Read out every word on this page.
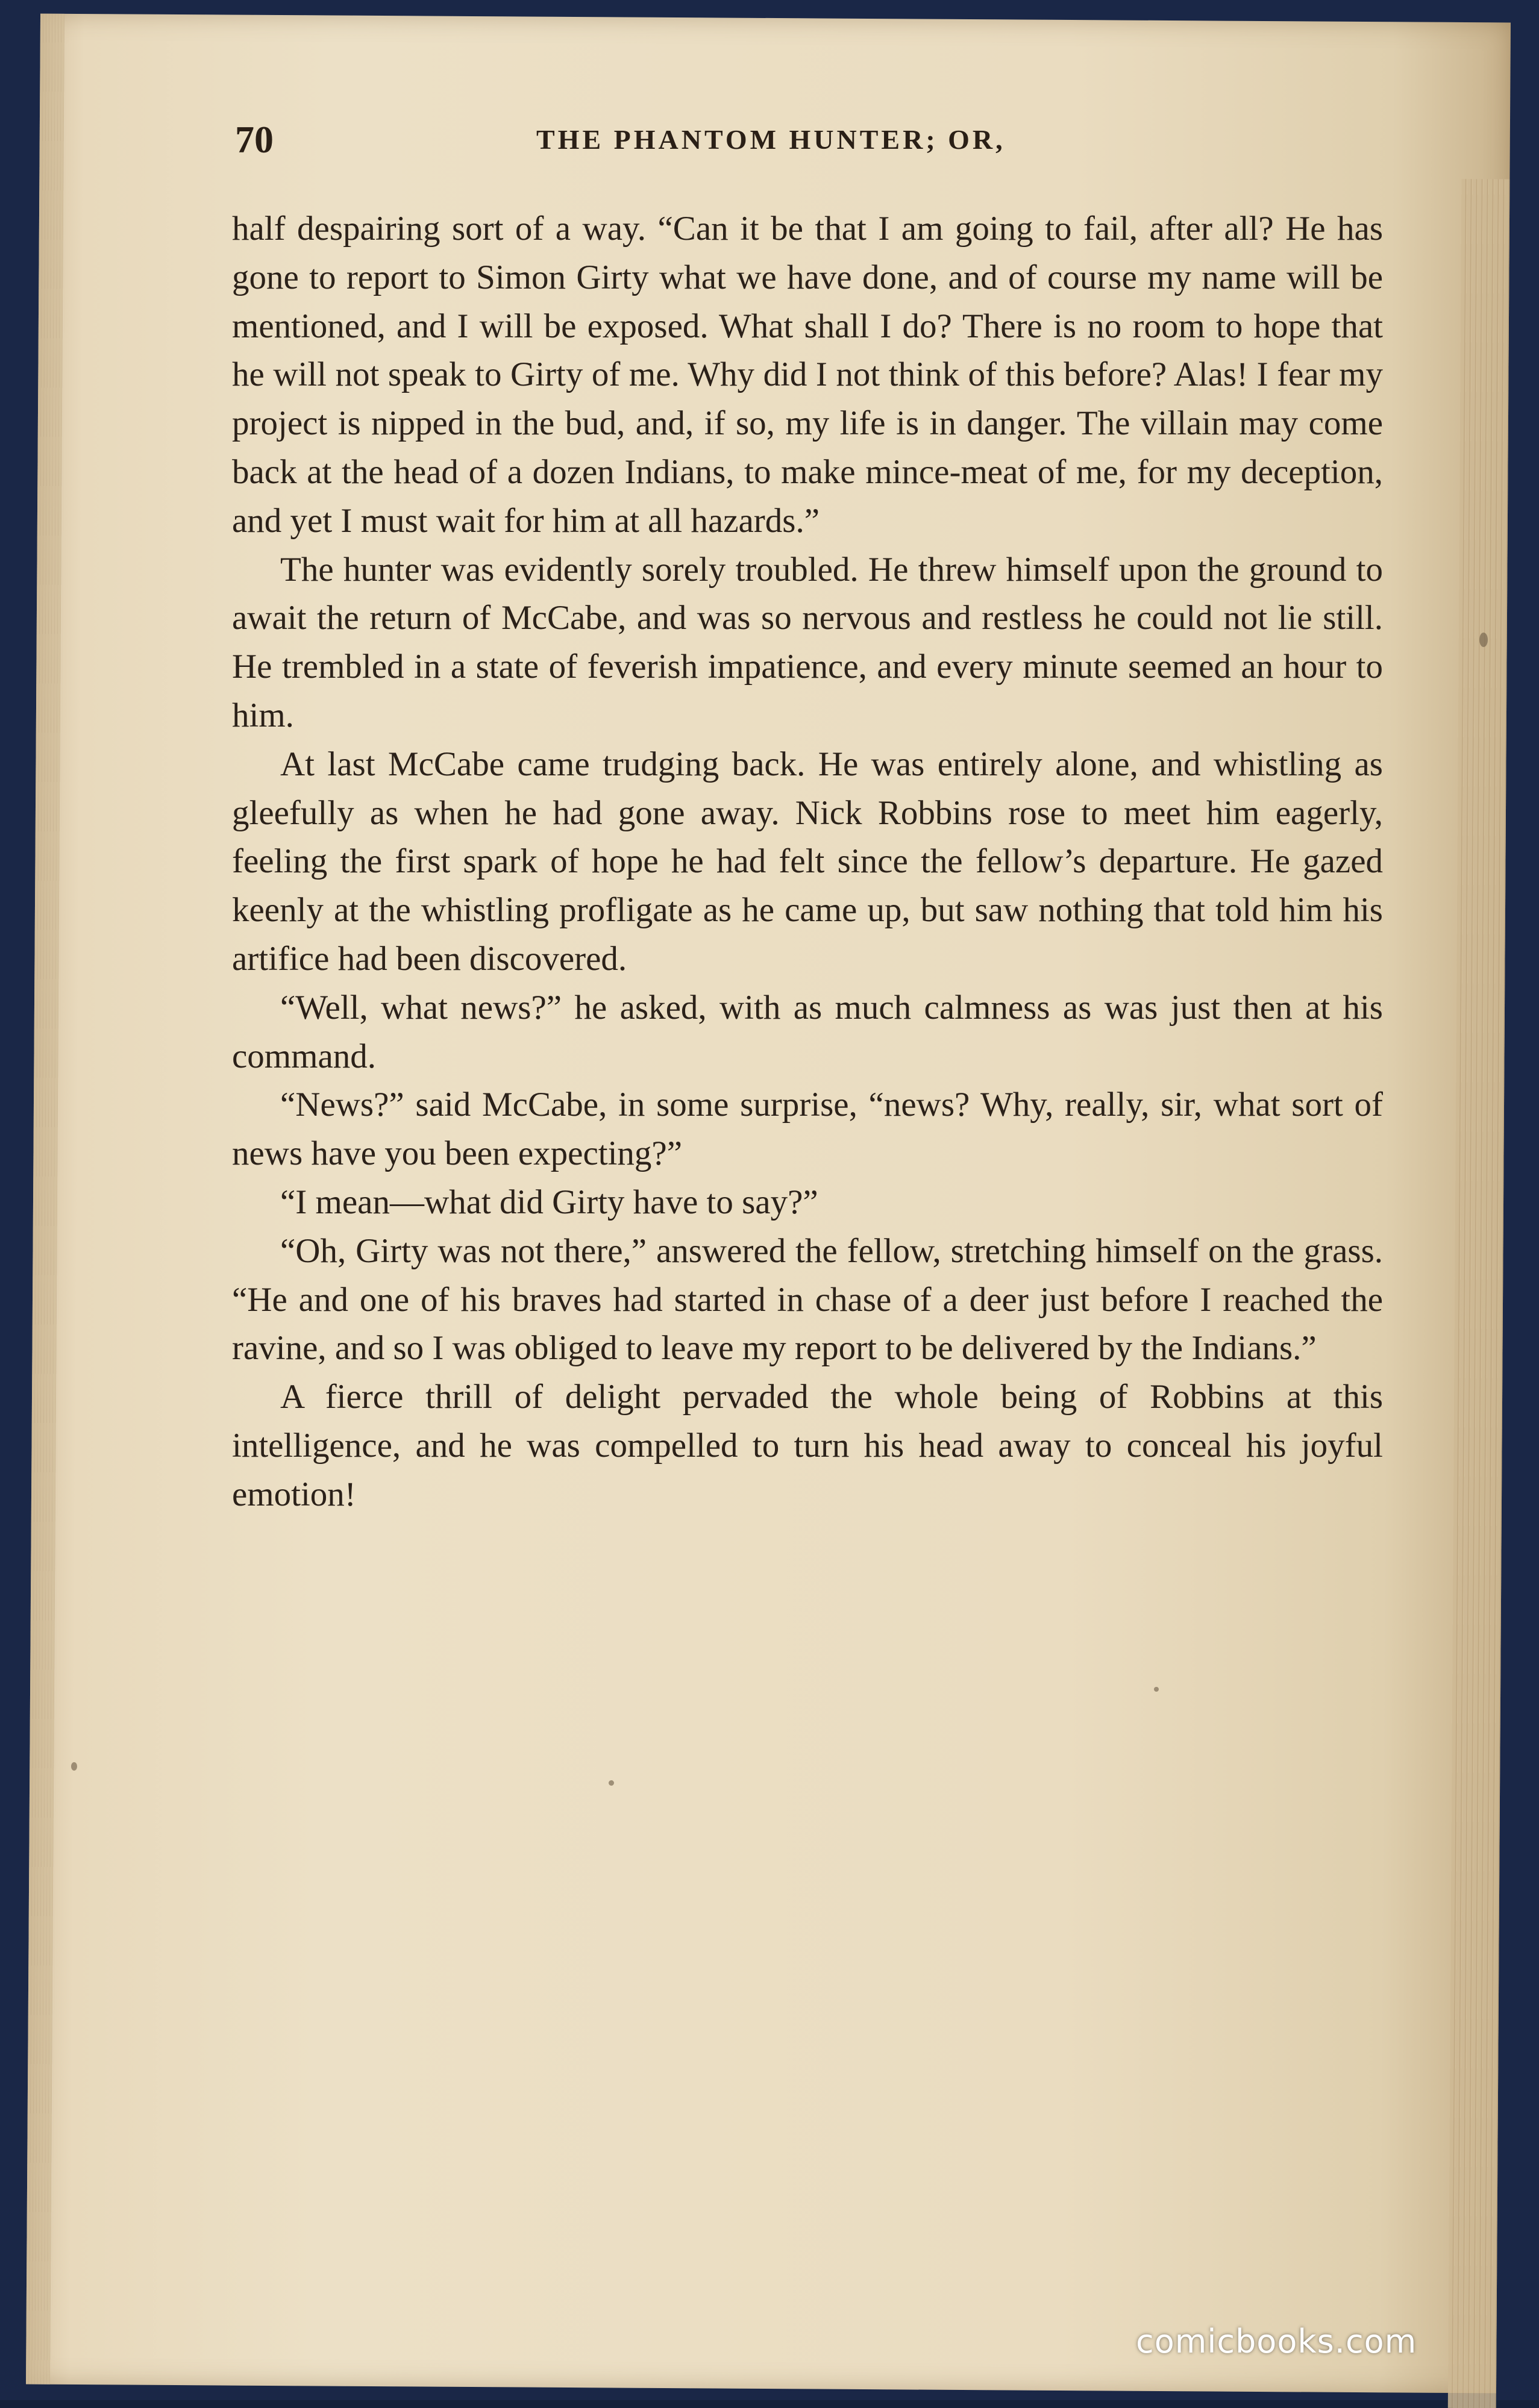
70	THE PHANTOM HUNTER; OR,

half despairing sort of a way. “Can it be that I am going to fail, after all? He has gone to report to Simon Girty what we have done, and of course my name will be mentioned, and I will be exposed. What shall I do? There is no room to hope that he will not speak to Girty of me. Why did I not think of this before? Alas! I fear my project is nipped in the bud, and, if so, my life is in danger. The villain may come back at the head of a dozen Indians, to make mince-meat of me, for my deception, and yet I must wait for him at all hazards.”

The hunter was evidently sorely troubled. He threw himself upon the ground to await the return of McCabe, and was so nervous and restless he could not lie still. He trembled in a state of feverish impatience, and every minute seemed an hour to him.

At last McCabe came trudging back. He was entirely alone, and whistling as gleefully as when he had gone away. Nick Robbins rose to meet him eagerly, feeling the first spark of hope he had felt since the fellow’s departure. He gazed keenly at the whistling profligate as he came up, but saw nothing that told him his artifice had been discovered.

“Well, what news?” he asked, with as much calmness as was just then at his command.

“News?” said McCabe, in some surprise, “news? Why, really, sir, what sort of news have you been expecting?”

“I mean—what did Girty have to say?”

“Oh, Girty was not there,” answered the fellow, stretching himself on the grass. “He and one of his braves had started in chase of a deer just before I reached the ravine, and so I was obliged to leave my report to be delivered by the Indians.”

A fierce thrill of delight pervaded the whole being of Robbins at this intelligence, and he was compelled to turn his head away to conceal his joyful emotion!

comicbooks.com
